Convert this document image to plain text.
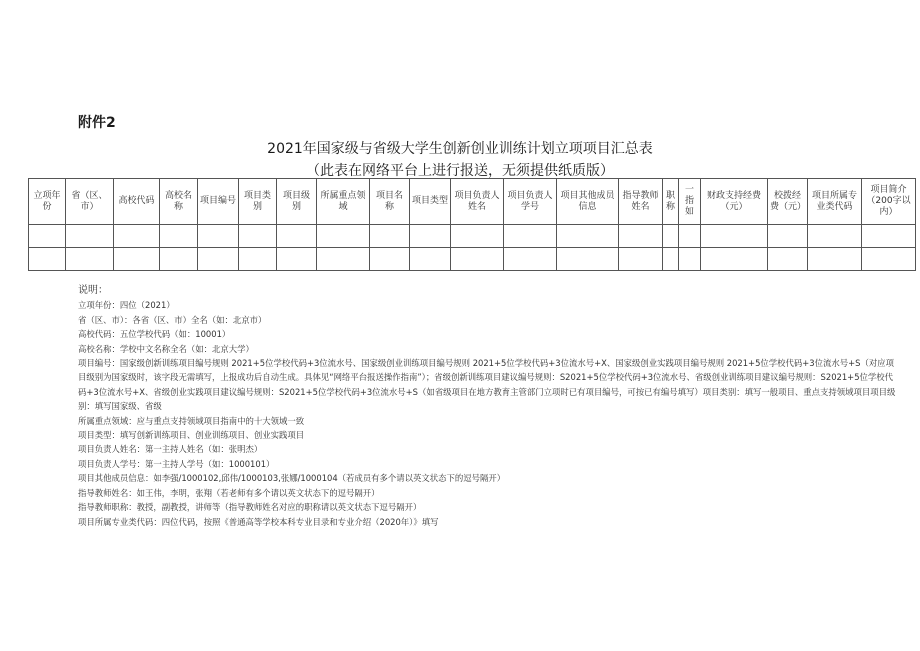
附件2
2021年国家级与省级大学生创新创业训练计划立项项目汇总表
（此表在网络平台上进行报送，无须提供纸质版）
立项年份	省（区、市）	高校代码	高校名称	项目编号	项目类别	项目级别	所属重点领域	项目名称	项目类型	项目负责人姓名	项目负责人学号	项目其他成员信息	指导教师姓名	职称	一指如	财政支持经费（元）	校拨经费（元）	项目所属专业类代码	项目简介（200字以内）

说明：
立项年份：四位（2021）
省（区、市）：各省（区、市）全名（如：北京市）
高校代码：五位学校代码（如：10001）
高校名称：学校中文名称全名（如：北京大学）
项目编号：国家级创新训练项目编号规则 2021+5位学校代码+3位流水号、国家级创业训练项目编号规则 2021+5位学校代码+3位流水号+X、国家级创业实践项目编号规则 2021+5位学校代码+3位流水号+S（对应项目级别为国家级时，该字段无需填写，上报成功后自动生成。具体见“网络平台报送操作指南”）；省级创新训练项目建议编号规则：S2021+5位学校代码+3位流水号、省级创业训练项目建议编号规则：S2021+5位学校代码+3位流水号+X、省级创业实践项目建议编号规则：S2021+5位学校代码+3位流水号+S（如省级项目在地方教育主管部门立项时已有项目编号，可按已有编号填写）项目类别：填写一般项目、重点支持领域项目项目级别：填写国家级、省级
所属重点领域：应与重点支持领域项目指南中的十大领域一致
项目类型：填写创新训练项目、创业训练项目、创业实践项目
项目负责人姓名：第一主持人姓名（如：张明杰）
项目负责人学号：第一主持人学号（如：1000101）
项目其他成员信息：如李强/1000102,邱伟/1000103,张娜/1000104（若成员有多个请以英文状态下的逗号隔开）
指导教师姓名：如王伟，李明，张翔（若老师有多个请以英文状态下的逗号隔开）
指导教师职称：教授，副教授，讲师等（指导教师姓名对应的职称请以英文状态下逗号隔开）
项目所属专业类代码：四位代码，按照《普通高等学校本科专业目录和专业介绍（2020年）》填写
